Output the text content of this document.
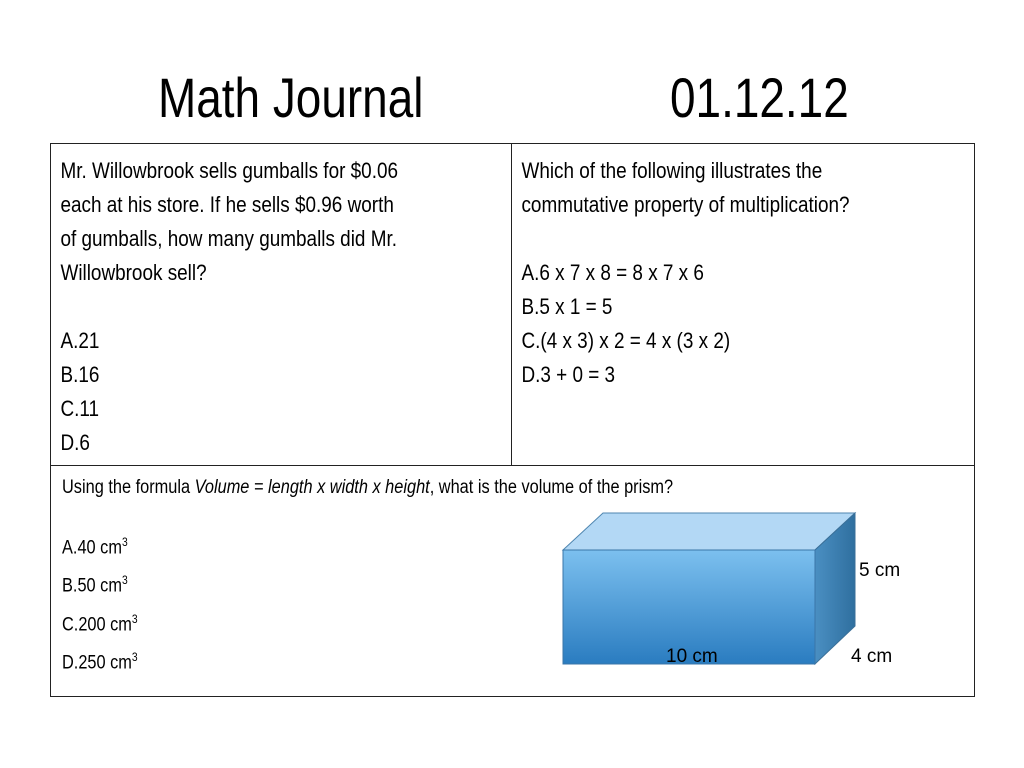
Math Journal	01.12.12
Mr. Willowbrook sells gumballs for $0.06
each at his store. If he sells $0.96 worth
of gumballs, how many gumballs did Mr.
Willowbrook sell?
A.21
B.16
C.11
D.6

Which of the following illustrates the
commutative property of multiplication?
A.6 x 7 x 8 = 8 x 7 x 6
B.5 x 1 = 5
C.(4 x 3) x 2 = 4 x (3 x 2)
D.3 + 0 = 3

Using the formula Volume = length x width x height, what is the volume of the prism?
A.40 $cm^3$
B.50 $cm^3$
C.200 $cm^3$
D.250 $cm^3$
5 cm
10 cm	4 cm
